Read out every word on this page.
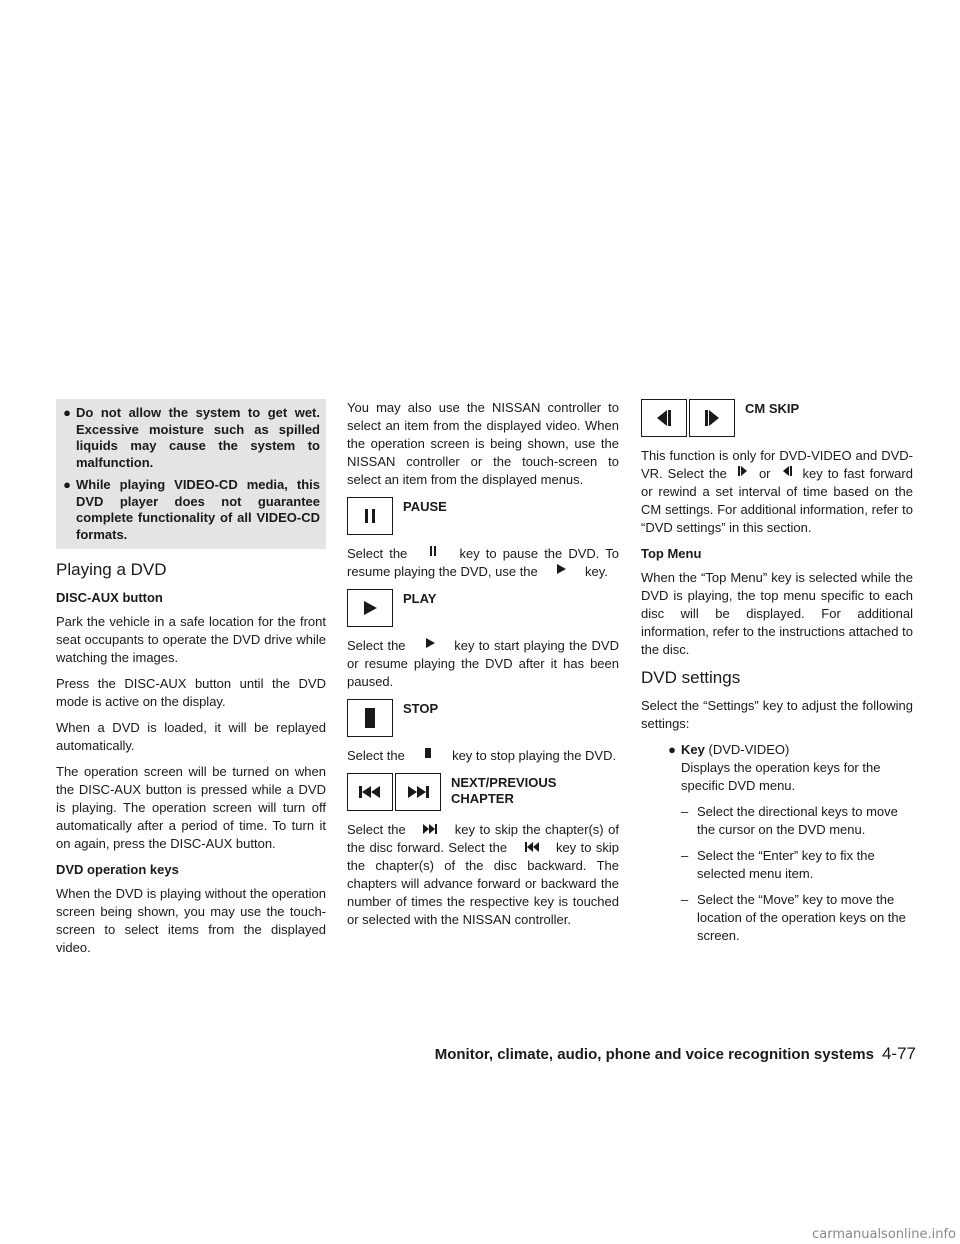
● Do not allow the system to get wet. Excessive moisture such as spilled liquids may cause the system to malfunction.
● While playing VIDEO-CD media, this DVD player does not guarantee complete functionality of all VIDEO-CD formats.
Playing a DVD
DISC-AUX button

Park the vehicle in a safe location for the front seat occupants to operate the DVD drive while watching the images.

Press the DISC-AUX button until the DVD mode is active on the display.

When a DVD is loaded, it will be replayed automatically.

The operation screen will be turned on when the DISC-AUX button is pressed while a DVD is playing. The operation screen will turn off automatically after a period of time. To turn it on again, press the DISC-AUX button.

DVD operation keys

When the DVD is playing without the operation screen being shown, you may use the touch-screen to select items from the displayed video.

You may also use the NISSAN controller to select an item from the displayed video. When the operation screen is being shown, use the NISSAN controller or the touch-screen to select an item from the displayed menus.

PAUSE

Select the	key to pause the DVD. To resume playing the DVD, use the	key.

PLAY

Select the	key to start playing the DVD or resume playing the DVD after it has been paused.

STOP

Select the	key to stop playing the DVD.

NEXT/PREVIOUS
CHAPTER

Select the	key to skip the chapter(s) of the disc forward. Select the	key to skip the chapter(s) of the disc backward. The chapters will advance forward or backward the number of times the respective key is touched or selected with the NISSAN controller.

CM SKIP

This function is only for DVD-VIDEO and DVD-VR. Select the or key to fast forward or rewind a set interval of time based on the CM settings. For additional information, refer to “DVD settings” in this section.

Top Menu

When the “Top Menu” key is selected while the DVD is playing, the top menu specific to each disc will be displayed. For additional information, refer to the instructions attached to the disc.

DVD settings

Select the “Settings” key to adjust the following settings:

● Key (DVD-VIDEO)
Displays the operation keys for the specific DVD menu.
– Select the directional keys to move the cursor on the DVD menu.
– Select the “Enter” key to fix the selected menu item.
– Select the “Move” key to move the location of the operation keys on the screen.
Monitor, climate, audio, phone and voice recognition systems 4-77
carmanualsonline.info
